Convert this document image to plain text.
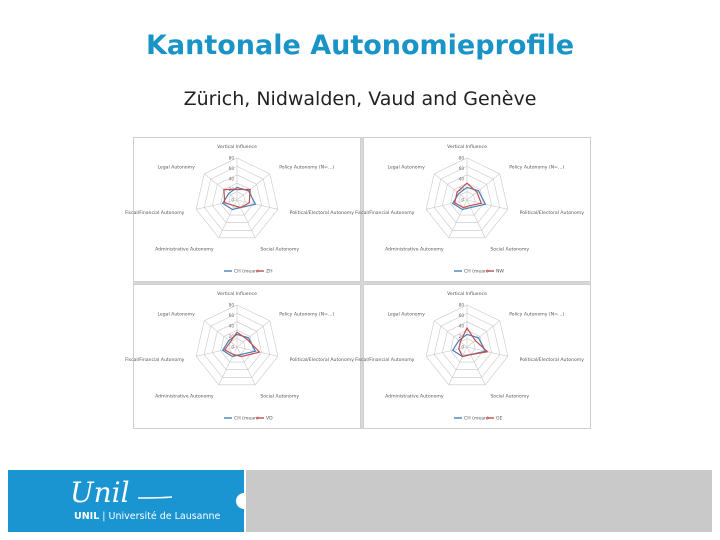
Kantonale Autonomieprofile
Zürich, Nidwalden, Vaud and Genève
Vertical Influence
Policy Autonomy (N=...)
Political/Electoral Autonomy
Social Autonomy
Administrative Autonomy
Fiscal/Financial Autonomy
Legal Autonomy
80
60
40
20
0
CH (mean) ZH
Vertical Influence
Policy Autonomy (N=...)
Political/Electoral Autonomy
Social Autonomy
Administrative Autonomy
Fiscal/Financial Autonomy
Legal Autonomy
80
60
40
20
0
CH (mean) NW
Vertical Influence
Policy Autonomy (N=...)
Political/Electoral Autonomy
Social Autonomy
Administrative Autonomy
Fiscal/Financial Autonomy
Legal Autonomy
80
60
40
20
0
CH (mean) VD
Vertical Influence
Policy Autonomy (N=...)
Political/Electoral Autonomy
Social Autonomy
Administrative Autonomy
Fiscal/Financial Autonomy
Legal Autonomy
80
60
40
20
0
CH (mean) GE
Unil
UNIL | Université de Lausanne
